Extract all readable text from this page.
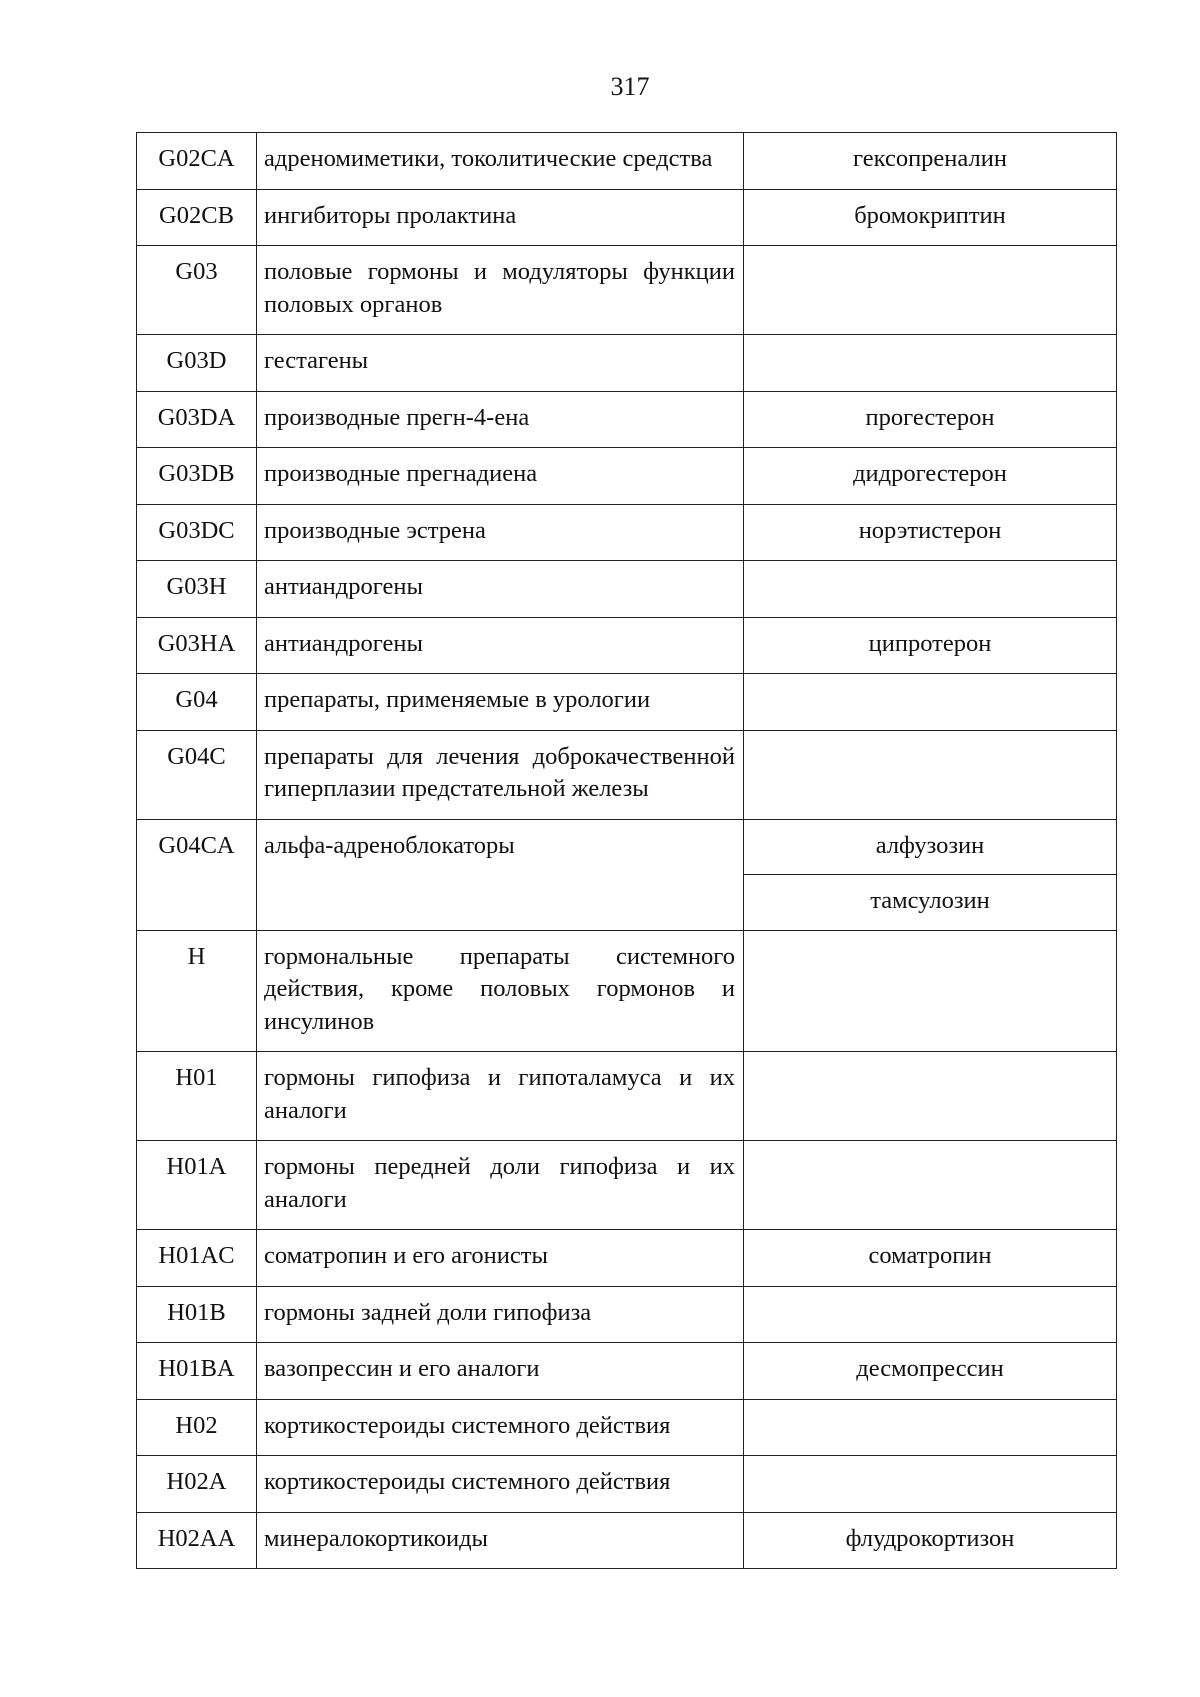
317
G02CA	адреномиметики, токолитические средства	гексопреналин

G02CB	ингибиторы пролактина	бромокриптин

G03	половые гормоны и модуляторы функции половых органов	

G03D	гестагены	

G03DA	производные прегн-4-ена	прогестерон

G03DB	производные прегнадиена	дидрогестерон

G03DC	производные эстрена	норэтистерон

G03H	антиандрогены	

G03HA	антиандрогены	ципротерон

G04	препараты, применяемые в урологии	

G04C	препараты для лечения доброкачественной гиперплазии предстательной железы	

G04CA	альфа-адреноблокаторы	алфузозин
тамсулозин

H	гормональные препараты системного действия, кроме половых гормонов и инсулинов	

H01	гормоны гипофиза и гипоталамуса и их аналоги	

H01A	гормоны передней доли гипофиза и их аналоги	

H01AC	соматропин и его агонисты	соматропин

H01B	гормоны задней доли гипофиза	

H01BA	вазопрессин и его аналоги	десмопрессин

H02	кортикостероиды системного действия	

H02A	кортикостероиды системного действия	

H02AA	минералокортикоиды	флудрокортизон
